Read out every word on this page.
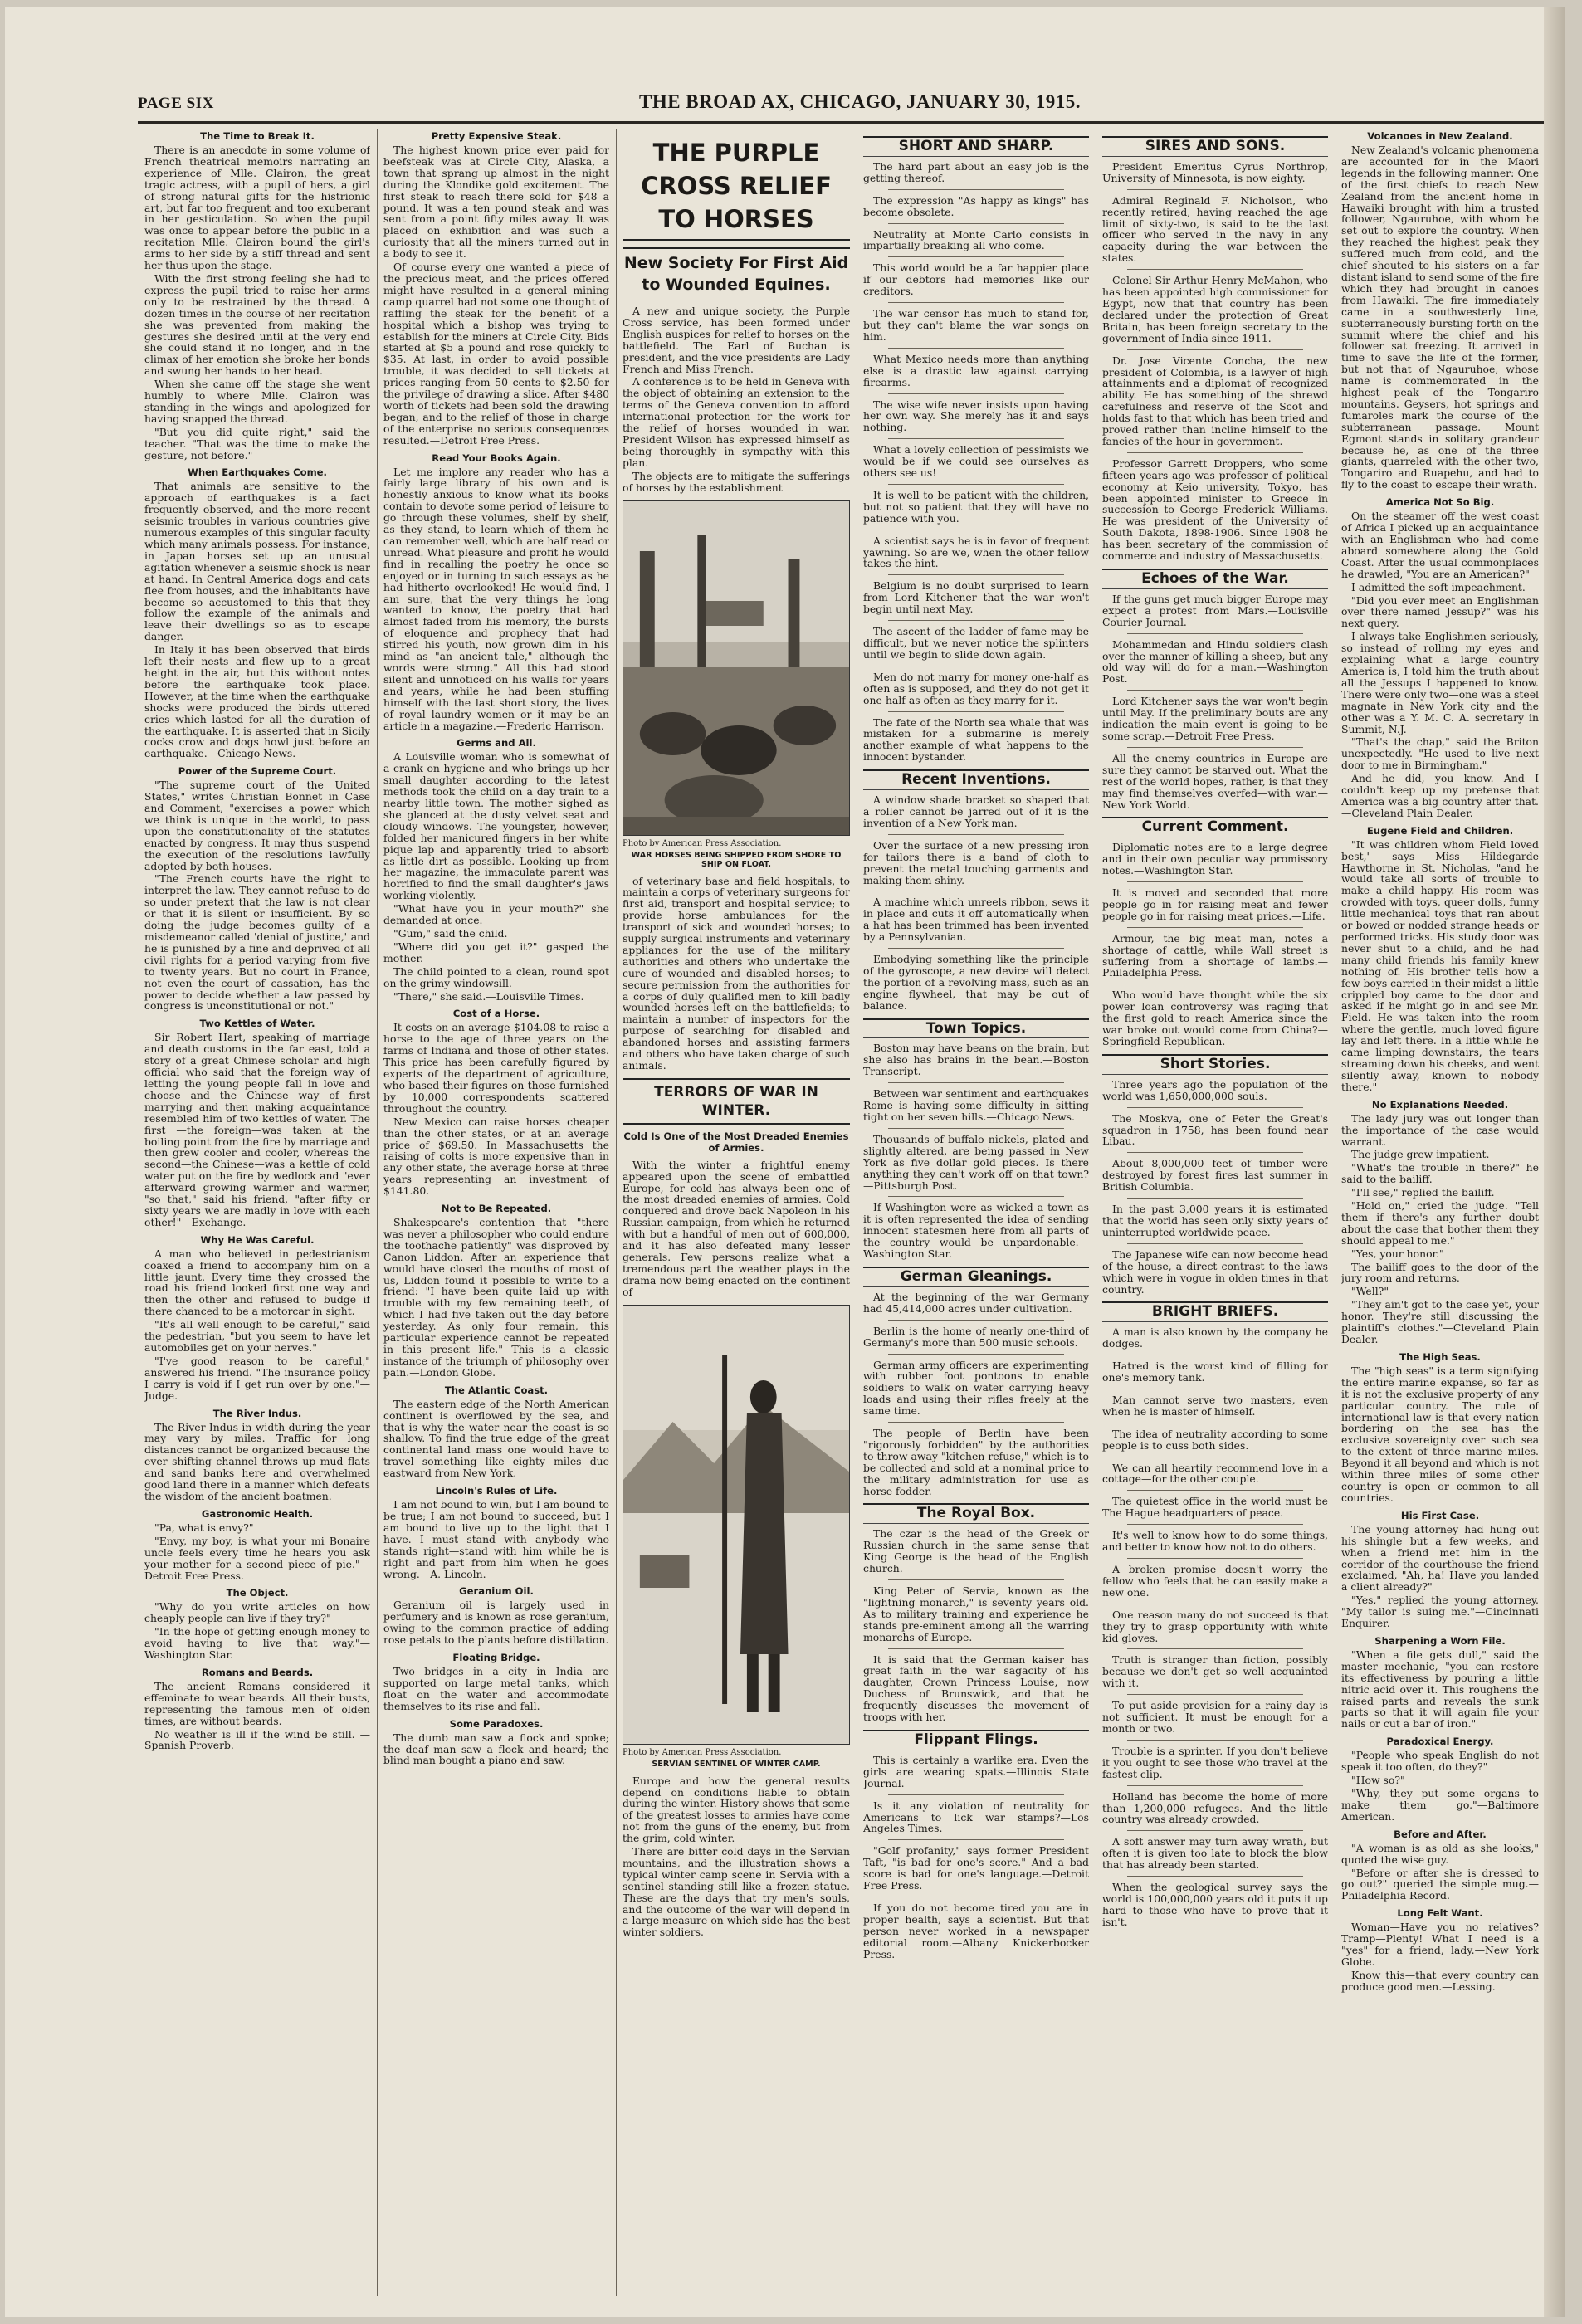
PAGE SIX	THE BROAD AX, CHICAGO, JANUARY 30, 1915.
The Time to Break It.

There is an anecdote in some volume of French theatrical memoirs narrating an experience of Mlle. Clairon, the great tragic actress, with a pupil of hers, a girl of strong natural gifts for the histrionic art, but far too frequent and too exuberant in her gesticulation. So when the pupil was once to appear before the public in a recitation Mlle. Clairon bound the girl's arms to her side by a stiff thread and sent her thus upon the stage.

With the first strong feeling she had to express the pupil tried to raise her arms only to be restrained by the thread. A dozen times in the course of her recitation she was prevented from making the gestures she desired until at the very end she could stand it no longer, and in the climax of her emotion she broke her bonds and swung her hands to her head.

When she came off the stage she went humbly to where Mlle. Clairon was standing in the wings and apologized for having snapped the thread.

"But you did quite right," said the teacher. "That was the time to make the gesture, not before."

When Earthquakes Come.

That animals are sensitive to the approach of earthquakes is a fact frequently observed, and the more recent seismic troubles in various countries give numerous examples of this singular faculty which many animals possess. For instance, in Japan horses set up an unusual agitation whenever a seismic shock is near at hand. In Central America dogs and cats flee from houses, and the inhabitants have become so accustomed to this that they follow the example of the animals and leave their dwellings so as to escape danger.

In Italy it has been observed that birds left their nests and flew up to a great height in the air, but this without notes before the earthquake took place. However, at the time when the earthquake shocks were produced the birds uttered cries which lasted for all the duration of the earthquake. It is asserted that in Sicily cocks crow and dogs howl just before an earthquake.—Chicago News.

Power of the Supreme Court.

"The supreme court of the United States," writes Christian Bonnet in Case and Comment, "exercises a power which we think is unique in the world, to pass upon the constitutionality of the statutes enacted by congress. It may thus suspend the execution of the resolutions lawfully adopted by both houses.

"The French courts have the right to interpret the law. They cannot refuse to do so under pretext that the law is not clear or that it is silent or insufficient. By so doing the judge becomes guilty of a misdemeanor called 'denial of justice,' and he is punished by a fine and deprived of all civil rights for a period varying from five to twenty years. But no court in France, not even the court of cassation, has the power to decide whether a law passed by congress is unconstitutional or not."

Two Kettles of Water.

Sir Robert Hart, speaking of marriage and death customs in the far east, told a story of a great Chinese scholar and high official who said that the foreign way of letting the young people fall in love and choose and the Chinese way of first marrying and then making acquaintance resembled him of two kettles of water. The first —the foreign—was taken at the boiling point from the fire by marriage and then grew cooler and cooler, whereas the second—the Chinese—was a kettle of cold water put on the fire by wedlock and "ever afterward growing warmer and warmer, "so that," said his friend, "after fifty or sixty years we are madly in love with each other!"—Exchange.

Why He Was Careful.

A man who believed in pedestrianism coaxed a friend to accompany him on a little jaunt. Every time they crossed the road his friend looked first one way and then the other and refused to budge if there chanced to be a motorcar in sight.

"It's all well enough to be careful," said the pedestrian, "but you seem to have let automobiles get on your nerves."

"I've good reason to be careful," answered his friend. "The insurance policy I carry is void if I get run over by one."—Judge.

The River Indus.

The River Indus in width during the year may vary by miles. Traffic for long distances cannot be organized because the ever shifting channel throws up mud flats and sand banks here and overwhelmed good land there in a manner which defeats the wisdom of the ancient boatmen.

Gastronomic Health.

"Pa, what is envy?"

"Envy, my boy, is what your mi Bonaire uncle feels every time he hears you ask your mother for a second piece of pie."—Detroit Free Press.

The Object.

"Why do you write articles on how cheaply people can live if they try?"

"In the hope of getting enough money to avoid having to live that way."—Washington Star.

Romans and Beards.

The ancient Romans considered it effeminate to wear beards. All their busts, representing the famous men of olden times, are without beards.

No weather is ill if the wind be still. —Spanish Proverb.

Pretty Expensive Steak.

The highest known price ever paid for beefsteak was at Circle City, Alaska, a town that sprang up almost in the night during the Klondike gold excitement. The first steak to reach there sold for $48 a pound. It was a ten pound steak and was sent from a point fifty miles away. It was placed on exhibition and was such a curiosity that all the miners turned out in a body to see it.

Of course every one wanted a piece of the precious meat, and the prices offered might have resulted in a general mining camp quarrel had not some one thought of raffling the steak for the benefit of a hospital which a bishop was trying to establish for the miners at Circle City. Bids started at $5 a pound and rose quickly to $35. At last, in order to avoid possible trouble, it was decided to sell tickets at prices ranging from 50 cents to $2.50 for the privilege of drawing a slice. After $480 worth of tickets had been sold the drawing began, and to the relief of those in charge of the enterprise no serious consequences resulted.—Detroit Free Press.

Read Your Books Again.

Let me implore any reader who has a fairly large library of his own and is honestly anxious to know what its books contain to devote some period of leisure to go through these volumes, shelf by shelf, as they stand, to learn which of them he can remember well, which are half read or unread. What pleasure and profit he would find in recalling the poetry he once so enjoyed or in turning to such essays as he had hitherto overlooked! He would find, I am sure, that the very things he long wanted to know, the poetry that had almost faded from his memory, the bursts of eloquence and prophecy that had stirred his youth, now grown dim in his mind as "an ancient tale," although the words were strong." All this had stood silent and unnoticed on his walls for years and years, while he had been stuffing himself with the last short story, the lives of royal laundry women or it may be an article in a magazine.—Frederic Harrison.

Germs and All.

A Louisville woman who is somewhat of a crank on hygiene and who brings up her small daughter according to the latest methods took the child on a day train to a nearby little town. The mother sighed as she glanced at the dusty velvet seat and cloudy windows. The youngster, however, folded her manicured fingers in her white pique lap and apparently tried to absorb as little dirt as possible. Looking up from her magazine, the immaculate parent was horrified to find the small daughter's jaws working violently.

"What have you in your mouth?" she demanded at once.

"Gum," said the child.

"Where did you get it?" gasped the mother.

The child pointed to a clean, round spot on the grimy windowsill.

"There," she said.—Louisville Times.

Cost of a Horse.

It costs on an average $104.08 to raise a horse to the age of three years on the farms of Indiana and those of other states. This price has been carefully figured by experts of the department of agriculture, who based their figures on those furnished by 10,000 correspondents scattered throughout the country.

New Mexico can raise horses cheaper than the other states, or at an average price of $69.50. In Massachusetts the raising of colts is more expensive than in any other state, the average horse at three years representing an investment of $141.80.

Not to Be Repeated.

Shakespeare's contention that "there was never a philosopher who could endure the toothache patiently" was disproved by Canon Liddon. After an experience that would have closed the mouths of most of us, Liddon found it possible to write to a friend: "I have been quite laid up with trouble with my few remaining teeth, of which I had five taken out the day before yesterday. As only four remain, this particular experience cannot be repeated in this present life." This is a classic instance of the triumph of philosophy over pain.—London Globe.

The Atlantic Coast.

The eastern edge of the North American continent is overflowed by the sea, and that is why the water near the coast is so shallow. To find the true edge of the great continental land mass one would have to travel something like eighty miles due eastward from New York.

Lincoln's Rules of Life.

I am not bound to win, but I am bound to be true; I am not bound to succeed, but I am bound to live up to the light that I have. I must stand with anybody who stands right—stand with him while he is right and part from him when he goes wrong.—A. Lincoln.

Geranium Oil.

Geranium oil is largely used in perfumery and is known as rose geranium, owing to the common practice of adding rose petals to the plants before distillation.

Floating Bridge.

Two bridges in a city in India are supported on large metal tanks, which float on the water and accommodate themselves to its rise and fall.

Some Paradoxes.

The dumb man saw a flock and spoke; the deaf man saw a flock and heard; the blind man bought a piano and saw.

THE PURPLE CROSS RELIEF TO HORSES
New Society For First Aid to Wounded Equines.

A new and unique society, the Purple Cross service, has been formed under English auspices for relief to horses on the battlefield. The Earl of Buchan is president, and the vice presidents are Lady French and Miss French.

A conference is to be held in Geneva with the object of obtaining an extension to the terms of the Geneva convention to afford international protection for the work for the relief of horses wounded in war. President Wilson has expressed himself as being thoroughly in sympathy with this plan.

The objects are to mitigate the sufferings of horses by the establishment

Photo by American Press Association.
WAR HORSES BEING SHIPPED FROM SHORE TO SHIP ON FLOAT.

of veterinary base and field hospitals, to maintain a corps of veterinary surgeons for first aid, transport and hospital service; to provide horse ambulances for the transport of sick and wounded horses; to supply surgical instruments and veterinary appliances for the use of the military authorities and others who undertake the cure of wounded and disabled horses; to secure permission from the authorities for a corps of duly qualified men to kill badly wounded horses left on the battlefields; to maintain a number of inspectors for the purpose of searching for disabled and abandoned horses and assisting farmers and others who have taken charge of such animals.

TERRORS OF WAR IN WINTER.
Cold Is One of the Most Dreaded Enemies of Armies.

With the winter a frightful enemy appeared upon the scene of embattled Europe, for cold has always been one of the most dreaded enemies of armies. Cold conquered and drove back Napoleon in his Russian campaign, from which he returned with but a handful of men out of 600,000, and it has also defeated many lesser generals. Few persons realize what a tremendous part the weather plays in the drama now being enacted on the continent of

Photo by American Press Association.
SERVIAN SENTINEL OF WINTER CAMP.

Europe and how the general results depend on conditions liable to obtain during the winter. History shows that some of the greatest losses to armies have come not from the guns of the enemy, but from the grim, cold winter.

There are bitter cold days in the Servian mountains, and the illustration shows a typical winter camp scene in Servia with a sentinel standing still like a frozen statue. These are the days that try men's souls, and the outcome of the war will depend in a large measure on which side has the best winter soldiers.

SHORT AND SHARP.

The hard part about an easy job is the getting thereof.

The expression "As happy as kings" has become obsolete.

Neutrality at Monte Carlo consists in impartially breaking all who come.

This world would be a far happier place if our debtors had memories like our creditors.

The war censor has much to stand for, but they can't blame the war songs on him.

What Mexico needs more than anything else is a drastic law against carrying firearms.

The wise wife never insists upon having her own way. She merely has it and says nothing.

What a lovely collection of pessimists we would be if we could see ourselves as others see us!

It is well to be patient with the children, but not so patient that they will have no patience with you.

A scientist says he is in favor of frequent yawning. So are we, when the other fellow takes the hint.

Belgium is no doubt surprised to learn from Lord Kitchener that the war won't begin until next May.

The ascent of the ladder of fame may be difficult, but we never notice the splinters until we begin to slide down again.

Men do not marry for money one-half as often as is supposed, and they do not get it one-half as often as they marry for it.

The fate of the North sea whale that was mistaken for a submarine is merely another example of what happens to the innocent bystander.

Recent Inventions.

A window shade bracket so shaped that a roller cannot be jarred out of it is the invention of a New York man.

Over the surface of a new pressing iron for tailors there is a band of cloth to prevent the metal touching garments and making them shiny.

A machine which unreels ribbon, sews it in place and cuts it off automatically when a hat has been trimmed has been invented by a Pennsylvanian.

Embodying something like the principle of the gyroscope, a new device will detect the portion of a revolving mass, such as an engine flywheel, that may be out of balance.

Town Topics.

Boston may have beans on the brain, but she also has brains in the bean.—Boston Transcript.

Between war sentiment and earthquakes Rome is having some difficulty in sitting tight on her seven hills.—Chicago News.

Thousands of buffalo nickels, plated and slightly altered, are being passed in New York as five dollar gold pieces. Is there anything they can't work off on that town?—Pittsburgh Post.

If Washington were as wicked a town as it is often represented the idea of sending innocent statesmen here from all parts of the country would be unpardonable.—Washington Star.

German Gleanings.

At the beginning of the war Germany had 45,414,000 acres under cultivation.

Berlin is the home of nearly one-third of Germany's more than 500 music schools.

German army officers are experimenting with rubber foot pontoons to enable soldiers to walk on water carrying heavy loads and using their rifles freely at the same time.

The people of Berlin have been "rigorously forbidden" by the authorities to throw away "kitchen refuse," which is to be collected and sold at a nominal price to the military administration for use as horse fodder.

The Royal Box.

The czar is the head of the Greek or Russian church in the same sense that King George is the head of the English church.

King Peter of Servia, known as the "lightning monarch," is seventy years old. As to military training and experience he stands pre-eminent among all the warring monarchs of Europe.

It is said that the German kaiser has great faith in the war sagacity of his daughter, Crown Princess Louise, now Duchess of Brunswick, and that he frequently discusses the movement of troops with her.

Flippant Flings.

This is certainly a warlike era. Even the girls are wearing spats.—Illinois State Journal.

Is it any violation of neutrality for Americans to lick war stamps?—Los Angeles Times.

"Golf profanity," says former President Taft, "is bad for one's score." And a bad score is bad for one's language.—Detroit Free Press.

If you do not become tired you are in proper health, says a scientist. But that person never worked in a newspaper editorial room.—Albany Knickerbocker Press.

SIRES AND SONS.

President Emeritus Cyrus Northrop, University of Minnesota, is now eighty.

Admiral Reginald F. Nicholson, who recently retired, having reached the age limit of sixty-two, is said to be the last officer who served in the navy in any capacity during the war between the states.

Colonel Sir Arthur Henry McMahon, who has been appointed high commissioner for Egypt, now that that country has been declared under the protection of Great Britain, has been foreign secretary to the government of India since 1911.

Dr. Jose Vicente Concha, the new president of Colombia, is a lawyer of high attainments and a diplomat of recognized ability. He has something of the shrewd carefulness and reserve of the Scot and holds fast to that which has been tried and proved rather than incline himself to the fancies of the hour in government.

Professor Garrett Droppers, who some fifteen years ago was professor of political economy at Keio university, Tokyo, has been appointed minister to Greece in succession to George Frederick Williams. He was president of the University of South Dakota, 1898-1906. Since 1908 he has been secretary of the commission of commerce and industry of Massachusetts.

Echoes of the War.

If the guns get much bigger Europe may expect a protest from Mars.—Louisville Courier-Journal.

Mohammedan and Hindu soldiers clash over the manner of killing a sheep, but any old way will do for a man.—Washington Post.

Lord Kitchener says the war won't begin until May. If the preliminary bouts are any indication the main event is going to be some scrap.—Detroit Free Press.

All the enemy countries in Europe are sure they cannot be starved out. What the rest of the world hopes, rather, is that they may find themselves overfed—with war.—New York World.

Current Comment.

Diplomatic notes are to a large degree and in their own peculiar way promissory notes.—Washington Star.

It is moved and seconded that more people go in for raising meat and fewer people go in for raising meat prices.—Life.

Armour, the big meat man, notes a shortage of cattle, while Wall street is suffering from a shortage of lambs.—Philadelphia Press.

Who would have thought while the six power loan controversy was raging that the first gold to reach America since the war broke out would come from China?—Springfield Republican.

Short Stories.

Three years ago the population of the world was 1,650,000,000 souls.

The Moskva, one of Peter the Great's squadron in 1758, has been found near Libau.

About 8,000,000 feet of timber were destroyed by forest fires last summer in British Columbia.

In the past 3,000 years it is estimated that the world has seen only sixty years of uninterrupted worldwide peace.

The Japanese wife can now become head of the house, a direct contrast to the laws which were in vogue in olden times in that country.

BRIGHT BRIEFS.

A man is also known by the company he dodges.

Hatred is the worst kind of filling for one's memory tank.

Man cannot serve two masters, even when he is master of himself.

The idea of neutrality according to some people is to cuss both sides.

We can all heartily recommend love in a cottage—for the other couple.

The quietest office in the world must be The Hague headquarters of peace.

It's well to know how to do some things, and better to know how not to do others.

A broken promise doesn't worry the fellow who feels that he can easily make a new one.

One reason many do not succeed is that they try to grasp opportunity with white kid gloves.

Truth is stranger than fiction, possibly because we don't get so well acquainted with it.

To put aside provision for a rainy day is not sufficient. It must be enough for a month or two.

Trouble is a sprinter. If you don't believe it you ought to see those who travel at the fastest clip.

Holland has become the home of more than 1,200,000 refugees. And the little country was already crowded.

A soft answer may turn away wrath, but often it is given too late to block the blow that has already been started.

When the geological survey says the world is 100,000,000 years old it puts it up hard to those who have to prove that it isn't.

Volcanoes in New Zealand.

New Zealand's volcanic phenomena are accounted for in the Maori legends in the following manner: One of the first chiefs to reach New Zealand from the ancient home in Hawaiki brought with him a trusted follower, Ngauruhoe, with whom he set out to explore the country. When they reached the highest peak they suffered much from cold, and the chief shouted to his sisters on a far distant island to send some of the fire which they had brought in canoes from Hawaiki. The fire immediately came in a southwesterly line, subterraneously bursting forth on the summit where the chief and his follower sat freezing. It arrived in time to save the life of the former, but not that of Ngauruhoe, whose name is commemorated in the highest peak of the Tongariro mountains. Geysers, hot springs and fumaroles mark the course of the subterranean passage. Mount Egmont stands in solitary grandeur because he, as one of the three giants, quarreled with the other two, Tongariro and Ruapehu, and had to fly to the coast to escape their wrath.

America Not So Big.

On the steamer off the west coast of Africa I picked up an acquaintance with an Englishman who had come aboard somewhere along the Gold Coast. After the usual commonplaces he drawled, "You are an American?"

I admitted the soft impeachment.

"Did you ever meet an Englishman over there named Jessup?" was his next query.

I always take Englishmen seriously, so instead of rolling my eyes and explaining what a large country America is, I told him the truth about all the Jessups I happened to know. There were only two—one was a steel magnate in New York city and the other was a Y. M. C. A. secretary in Summit, N.J.

"That's the chap," said the Briton unexpectedly. "He used to live next door to me in Birmingham."

And he did, you know. And I couldn't keep up my pretense that America was a big country after that. —Cleveland Plain Dealer.

Eugene Field and Children.

"It was children whom Field loved best," says Miss Hildegarde Hawthorne in St. Nicholas, "and he would take all sorts of trouble to make a child happy. His room was crowded with toys, queer dolls, funny little mechanical toys that ran about or bowed or nodded strange heads or performed tricks. His study door was never shut to a child, and he had many child friends his family knew nothing of. His brother tells how a few boys carried in their midst a little crippled boy came to the door and asked if he might go in and see Mr. Field. He was taken into the room where the gentle, much loved figure lay and left there. In a little while he came limping downstairs, the tears streaming down his cheeks, and went silently away, known to nobody there."

No Explanations Needed.

The lady jury was out longer than the importance of the case would warrant.

The judge grew impatient.

"What's the trouble in there?" he said to the bailiff.

"I'll see," replied the bailiff.

"Hold on," cried the judge. "Tell them if there's any further doubt about the case that bother them they should appeal to me."

"Yes, your honor."

The bailiff goes to the door of the jury room and returns.

"Well?"

"They ain't got to the case yet, your honor. They're still discussing the plaintiff's clothes."—Cleveland Plain Dealer.

The High Seas.

The "high seas" is a term signifying the entire marine expanse, so far as it is not the exclusive property of any particular country. The rule of international law is that every nation bordering on the sea has the exclusive sovereignty over such sea to the extent of three marine miles. Beyond it all beyond and which is not within three miles of some other country is open or common to all countries.

His First Case.

The young attorney had hung out his shingle but a few weeks, and when a friend met him in the corridor of the courthouse the friend exclaimed, "Ah, ha! Have you landed a client already?"

"Yes," replied the young attorney. "My tailor is suing me."—Cincinnati Enquirer.

Sharpening a Worn File.

"When a file gets dull," said the master mechanic, "you can restore its effectiveness by pouring a little nitric acid over it. This roughens the raised parts and reveals the sunk parts so that it will again file your nails or cut a bar of iron."

Paradoxical Energy.

"People who speak English do not speak it too often, do they?"

"How so?"

"Why, they put some organs to make them go."—Baltimore American.

Before and After.

"A woman is as old as she looks," quoted the wise guy.

"Before or after she is dressed to go out?" queried the simple mug.—Philadelphia Record.

Long Felt Want.

Woman—Have you no relatives? Tramp—Plenty! What I need is a "yes" for a friend, lady.—New York Globe.

Know this—that every country can produce good men.—Lessing.
